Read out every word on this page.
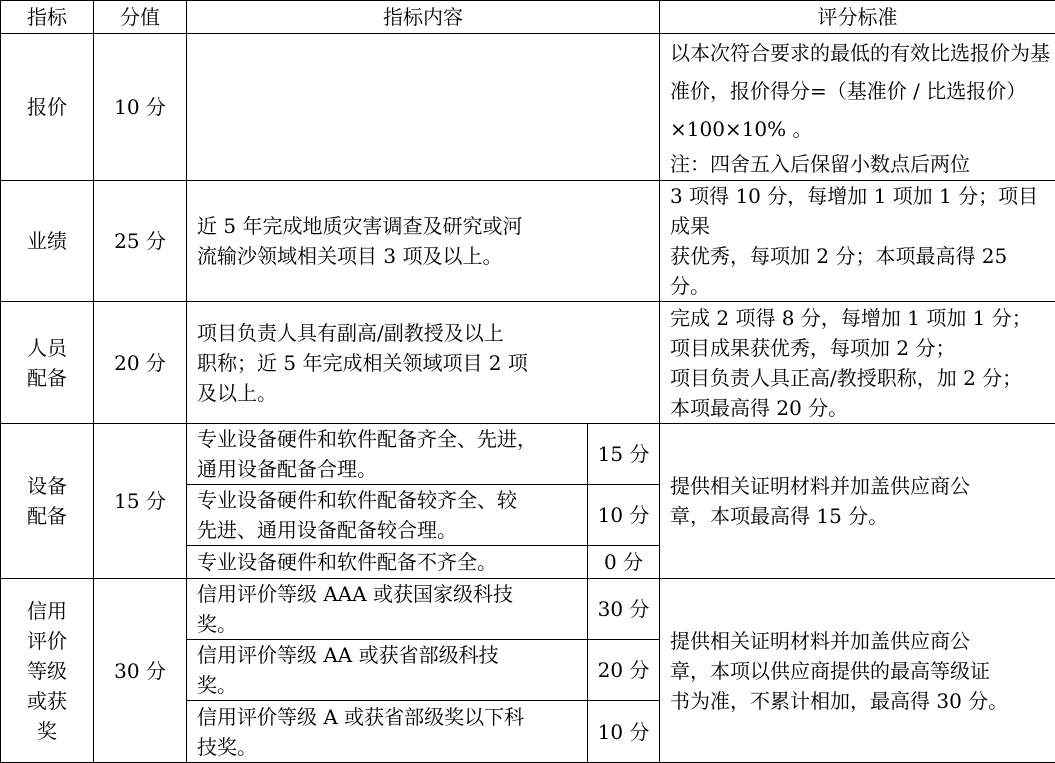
指标	分值	指标内容		评分标准

报价	10 分			以本次符合要求的最低的有效比选报价为基
准价，报价得分=（基准价 / 比选报价）
×100×10% 。
注：四舍五入后保留小数点后两位

业绩	25 分	近 5 年完成地质灾害调查及研究或河
流输沙领域相关项目 3 项及以上。		3 项得 10 分，每增加 1 项加 1 分；项目成果
获优秀，每项加 2 分；本项最高得 25 分。

人员
配备	20 分	项目负责人具有副高/副教授及以上
职称；近 5 年完成相关领域项目 2 项
及以上。		完成 2 项得 8 分，每增加 1 项加 1 分；
项目成果获优秀，每项加 2 分；
项目负责人具正高/教授职称，加 2 分；
本项最高得 20 分。

设备
配备	15 分	专业设备硬件和软件配备齐全、先进，
通用设备配备合理。	15 分	提供相关证明材料并加盖供应商公
章，本项最高得 15 分。

		专业设备硬件和软件配备较齐全、较
先进、通用设备配备较合理。	10 分	

		专业设备硬件和软件配备不齐全。	0 分	

信用
评价
等级
或获
奖	30 分	信用评价等级 AAA 或获国家级科技
奖。	30 分	提供相关证明材料并加盖供应商公
章，本项以供应商提供的最高等级证
书为准，不累计相加，最高得 30 分。

		信用评价等级 AA 或获省部级科技
奖。	20 分	

		信用评价等级 A 或获省部级奖以下科
技奖。	10 分	
